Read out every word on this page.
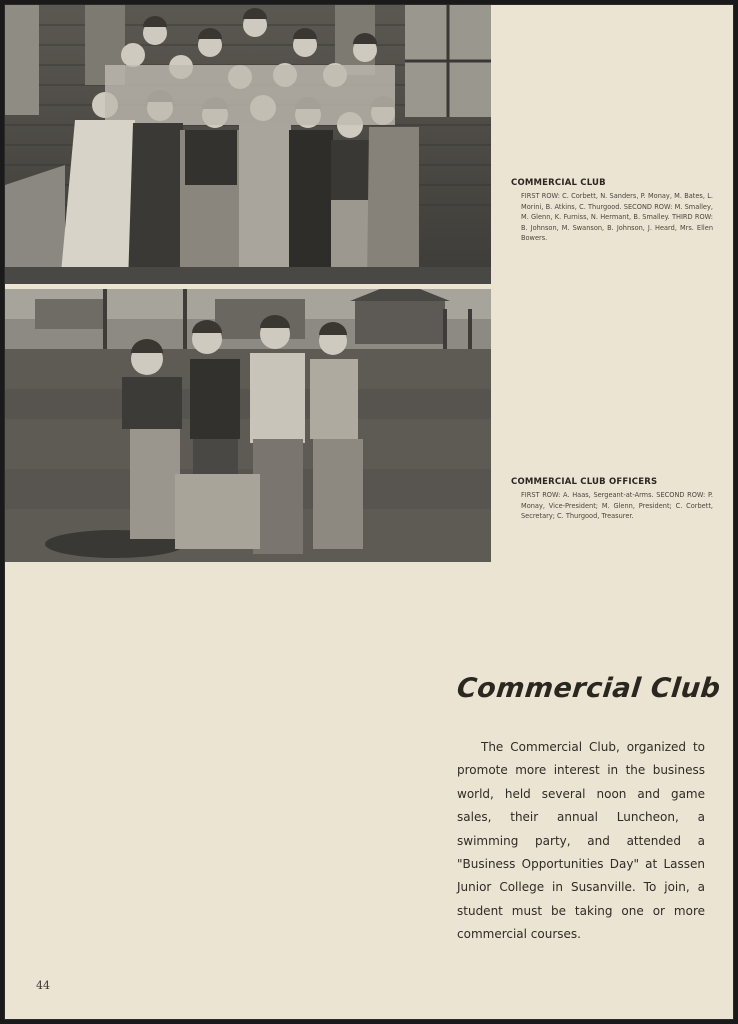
COMMERCIAL CLUB

FIRST ROW: C. Corbett, N. Sanders, P. Monay, M. Bates, L. Morini, B. Atkins, C. Thurgood. SECOND ROW: M. Smalley, M. Glenn, K. Furniss, N. Hermant, B. Smalley. THIRD ROW: B. Johnson, M. Swanson, B. Johnson, J. Heard, Mrs. Ellen Bowers.

COMMERCIAL CLUB OFFICERS

FIRST ROW: A. Haas, Sergeant-at-Arms. SECOND ROW: P. Monay, Vice-President; M. Glenn, President; C. Corbett, Secretary; C. Thurgood, Treasurer.

Commercial Club

The Commercial Club, organized to promote more interest in the business world, held several noon and game sales, their annual Luncheon, a swimming party, and attended a "Business Opportunities Day" at Lassen Junior College in Susanville. To join, a student must be taking one or more commercial courses.

44
